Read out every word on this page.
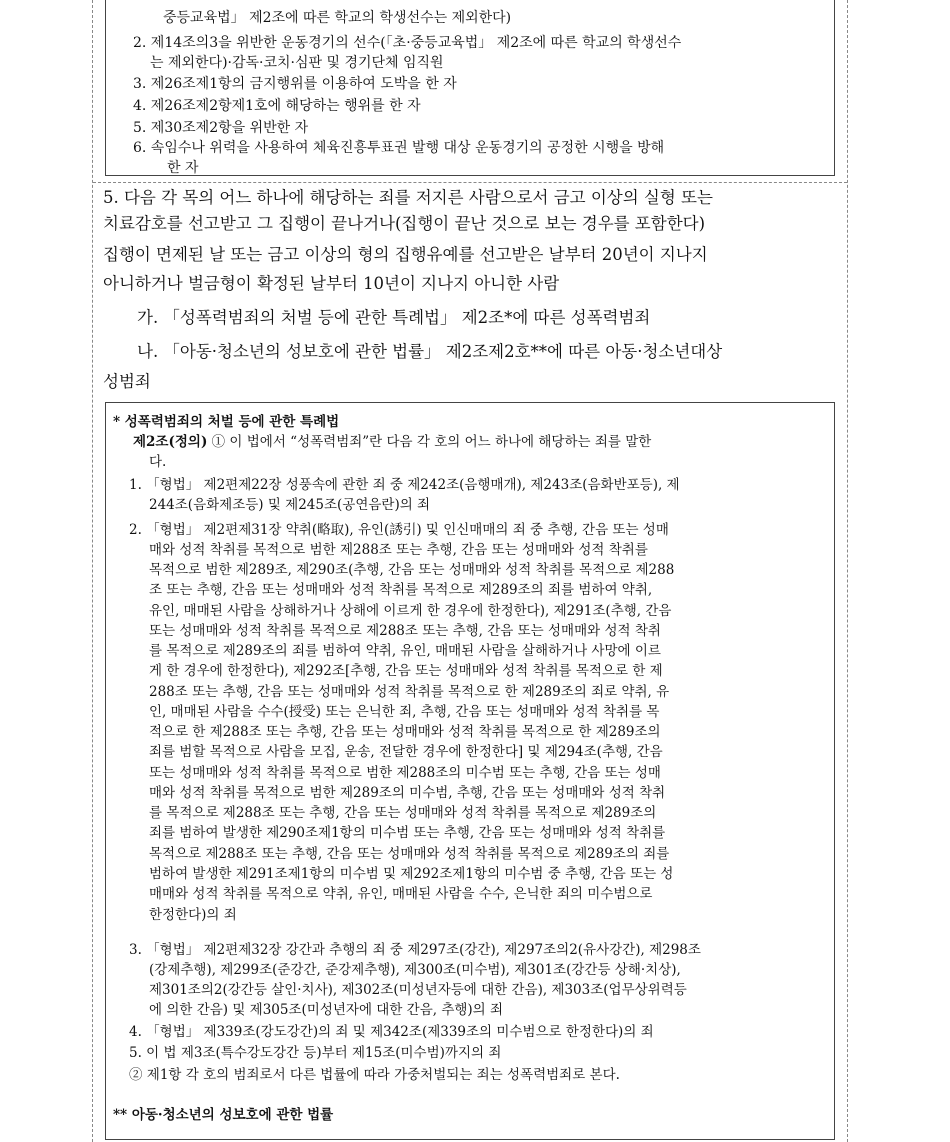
중등교육법」 제2조에 따른 학교의 학생선수는 제외한다)
2. 제14조의3을 위반한 운동경기의 선수(「초·중등교육법」 제2조에 따른 학교의 학생선수
는 제외한다)·감독·코치·심판 및 경기단체 임직원
3. 제26조제1항의 금지행위를 이용하여 도박을 한 자
4. 제26조제2항제1호에 해당하는 행위를 한 자
5. 제30조제2항을 위반한 자
6. 속임수나 위력을 사용하여 체육진흥투표권 발행 대상 운동경기의 공정한 시행을 방해
한 자
5. 다음 각 목의 어느 하나에 해당하는 죄를 저지른 사람으로서 금고 이상의 실형 또는
치료감호를 선고받고 그 집행이 끝나거나(집행이 끝난 것으로 보는 경우를 포함한다)
집행이 면제된 날 또는 금고 이상의 형의 집행유예를 선고받은 날부터 20년이 지나지
아니하거나 벌금형이 확정된 날부터 10년이 지나지 아니한 사람
가. 「성폭력범죄의 처벌 등에 관한 특례법」 제2조*에 따른 성폭력범죄
나. 「아동·청소년의 성보호에 관한 법률」 제2조제2호**에 따른 아동·청소년대상
성범죄
* 성폭력범죄의 처벌 등에 관한 특례법
제2조(정의) ① 이 법에서 “성폭력범죄”란 다음 각 호의 어느 하나에 해당하는 죄를 말한
다.
1. 「형법」 제2편제22장 성풍속에 관한 죄 중 제242조(음행매개), 제243조(음화반포등), 제
244조(음화제조등) 및 제245조(공연음란)의 죄
2. 「형법」 제2편제31장 약취(略取), 유인(誘引) 및 인신매매의 죄 중 추행, 간음 또는 성매
매와 성적 착취를 목적으로 범한 제288조 또는 추행, 간음 또는 성매매와 성적 착취를
목적으로 범한 제289조, 제290조(추행, 간음 또는 성매매와 성적 착취를 목적으로 제288
조 또는 추행, 간음 또는 성매매와 성적 착취를 목적으로 제289조의 죄를 범하여 약취,
유인, 매매된 사람을 상해하거나 상해에 이르게 한 경우에 한정한다), 제291조(추행, 간음
또는 성매매와 성적 착취를 목적으로 제288조 또는 추행, 간음 또는 성매매와 성적 착취
를 목적으로 제289조의 죄를 범하여 약취, 유인, 매매된 사람을 살해하거나 사망에 이르
게 한 경우에 한정한다), 제292조[추행, 간음 또는 성매매와 성적 착취를 목적으로 한 제
288조 또는 추행, 간음 또는 성매매와 성적 착취를 목적으로 한 제289조의 죄로 약취, 유
인, 매매된 사람을 수수(授受) 또는 은닉한 죄, 추행, 간음 또는 성매매와 성적 착취를 목
적으로 한 제288조 또는 추행, 간음 또는 성매매와 성적 착취를 목적으로 한 제289조의
죄를 범할 목적으로 사람을 모집, 운송, 전달한 경우에 한정한다] 및 제294조(추행, 간음
또는 성매매와 성적 착취를 목적으로 범한 제288조의 미수범 또는 추행, 간음 또는 성매
매와 성적 착취를 목적으로 범한 제289조의 미수범, 추행, 간음 또는 성매매와 성적 착취
를 목적으로 제288조 또는 추행, 간음 또는 성매매와 성적 착취를 목적으로 제289조의
죄를 범하여 발생한 제290조제1항의 미수범 또는 추행, 간음 또는 성매매와 성적 착취를
목적으로 제288조 또는 추행, 간음 또는 성매매와 성적 착취를 목적으로 제289조의 죄를
범하여 발생한 제291조제1항의 미수범 및 제292조제1항의 미수범 중 추행, 간음 또는 성
매매와 성적 착취를 목적으로 약취, 유인, 매매된 사람을 수수, 은닉한 죄의 미수범으로
한정한다)의 죄
3. 「형법」 제2편제32장 강간과 추행의 죄 중 제297조(강간), 제297조의2(유사강간), 제298조
(강제추행), 제299조(준강간, 준강제추행), 제300조(미수범), 제301조(강간등 상해·치상),
제301조의2(강간등 살인·치사), 제302조(미성년자등에 대한 간음), 제303조(업무상위력등
에 의한 간음) 및 제305조(미성년자에 대한 간음, 추행)의 죄
4. 「형법」 제339조(강도강간)의 죄 및 제342조(제339조의 미수범으로 한정한다)의 죄
5. 이 법 제3조(특수강도강간 등)부터 제15조(미수범)까지의 죄
② 제1항 각 호의 범죄로서 다른 법률에 따라 가중처벌되는 죄는 성폭력범죄로 본다.
** 아동·청소년의 성보호에 관한 법률
